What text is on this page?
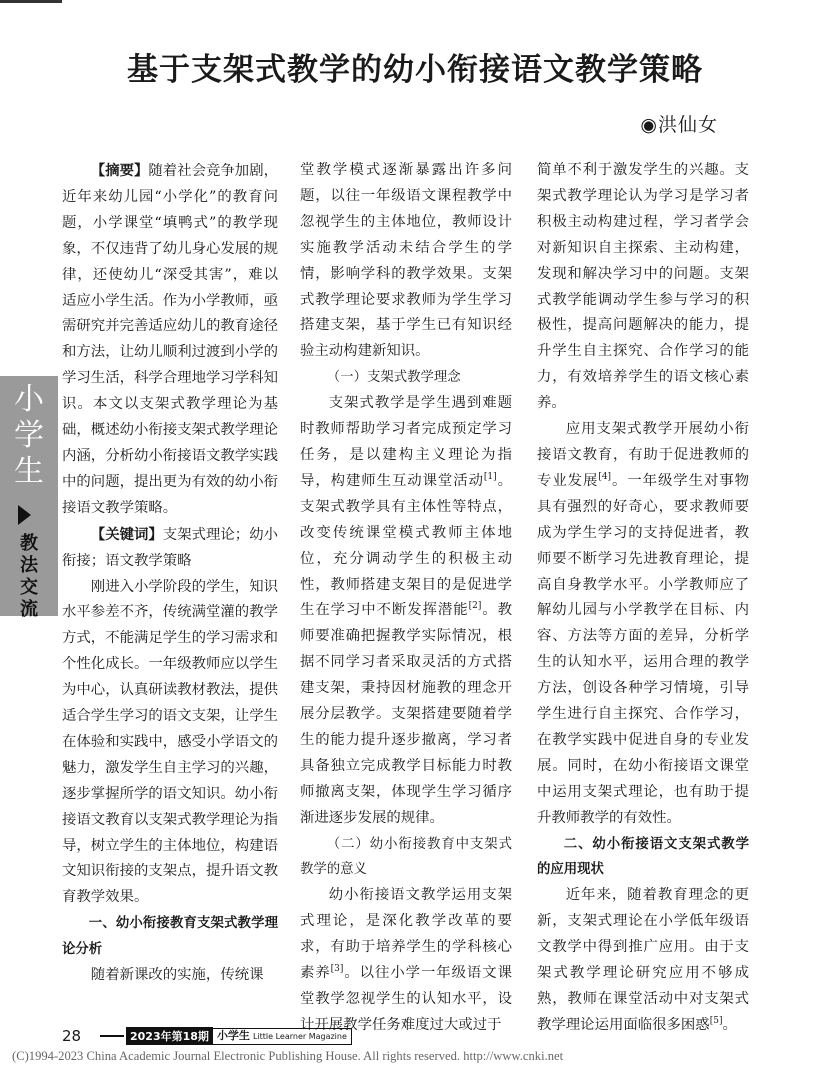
基于支架式教学的幼小衔接语文教学策略
◉洪仙女
小
学
生
教
法
交
流

【摘要】随着社会竞争加剧，近年来幼儿园“小学化”的教育问题，小学课堂“填鸭式”的教学现象，不仅违背了幼儿身心发展的规律，还使幼儿“深受其害”，难以适应小学生活。作为小学教师，亟需研究并完善适应幼儿的教育途径和方法，让幼儿顺利过渡到小学的学习生活，科学合理地学习学科知识。本文以支架式教学理论为基础，概述幼小衔接支架式教学理论内涵，分析幼小衔接语文教学实践中的问题，提出更为有效的幼小衔接语文教学策略。

【关键词】支架式理论；幼小衔接；语文教学策略

刚进入小学阶段的学生，知识水平参差不齐，传统满堂灌的教学方式，不能满足学生的学习需求和个性化成长。一年级教师应以学生为中心，认真研读教材教法，提供适合学生学习的语文支架，让学生在体验和实践中，感受小学语文的魅力，激发学生自主学习的兴趣，逐步掌握所学的语文知识。幼小衔接语文教育以支架式教学理论为指导，树立学生的主体地位，构建语文知识衔接的支架点，提升语文教育教学效果。

一、幼小衔接教育支架式教学理论分析

随着新课改的实施，传统课

堂教学模式逐渐暴露出许多问题，以往一年级语文课程教学中忽视学生的主体地位，教师设计实施教学活动未结合学生的学情，影响学科的教学效果。支架式教学理论要求教师为学生学习搭建支架，基于学生已有知识经验主动构建新知识。

（一）支架式教学理念

支架式教学是学生遇到难题时教师帮助学习者完成预定学习任务，是以建构主义理论为指导，构建师生互动课堂活动[1]。支架式教学具有主体性等特点，改变传统课堂模式教师主体地位，充分调动学生的积极主动性，教师搭建支架目的是促进学生在学习中不断发挥潜能[2]。教师要准确把握教学实际情况，根据不同学习者采取灵活的方式搭建支架，秉持因材施教的理念开展分层教学。支架搭建要随着学生的能力提升逐步撤离，学习者具备独立完成教学目标能力时教师撤离支架，体现学生学习循序渐进逐步发展的规律。

（二）幼小衔接教育中支架式教学的意义

幼小衔接语文教学运用支架式理论，是深化教学改革的要求，有助于培养学生的学科核心素养[3]。以往小学一年级语文课堂教学忽视学生的认知水平，设计开展教学任务难度过大或过于

简单不利于激发学生的兴趣。支架式教学理论认为学习是学习者积极主动构建过程，学习者学会对新知识自主探索、主动构建，发现和解决学习中的问题。支架式教学能调动学生参与学习的积极性，提高问题解决的能力，提升学生自主探究、合作学习的能力，有效培养学生的语文核心素养。

应用支架式教学开展幼小衔接语文教育，有助于促进教师的专业发展[4]。一年级学生对事物具有强烈的好奇心，要求教师要成为学生学习的支持促进者，教师要不断学习先进教育理论，提高自身教学水平。小学教师应了解幼儿园与小学教学在目标、内容、方法等方面的差异，分析学生的认知水平，运用合理的教学方法，创设各种学习情境，引导学生进行自主探究、合作学习，在教学实践中促进自身的专业发展。同时，在幼小衔接语文课堂中运用支架式理论，也有助于提升教师教学的有效性。

二、幼小衔接语文支架式教学的应用现状

近年来，随着教育理念的更新，支架式理论在小学低年级语文教学中得到推广应用。由于支架式教学理论研究应用不够成熟，教师在课堂活动中对支架式教学理论运用面临很多困惑[5]。

28	2023年第18期 小学生 Little Learner Magazine
(C)1994-2023 China Academic Journal Electronic Publishing House. All rights reserved. http://www.cnki.net
